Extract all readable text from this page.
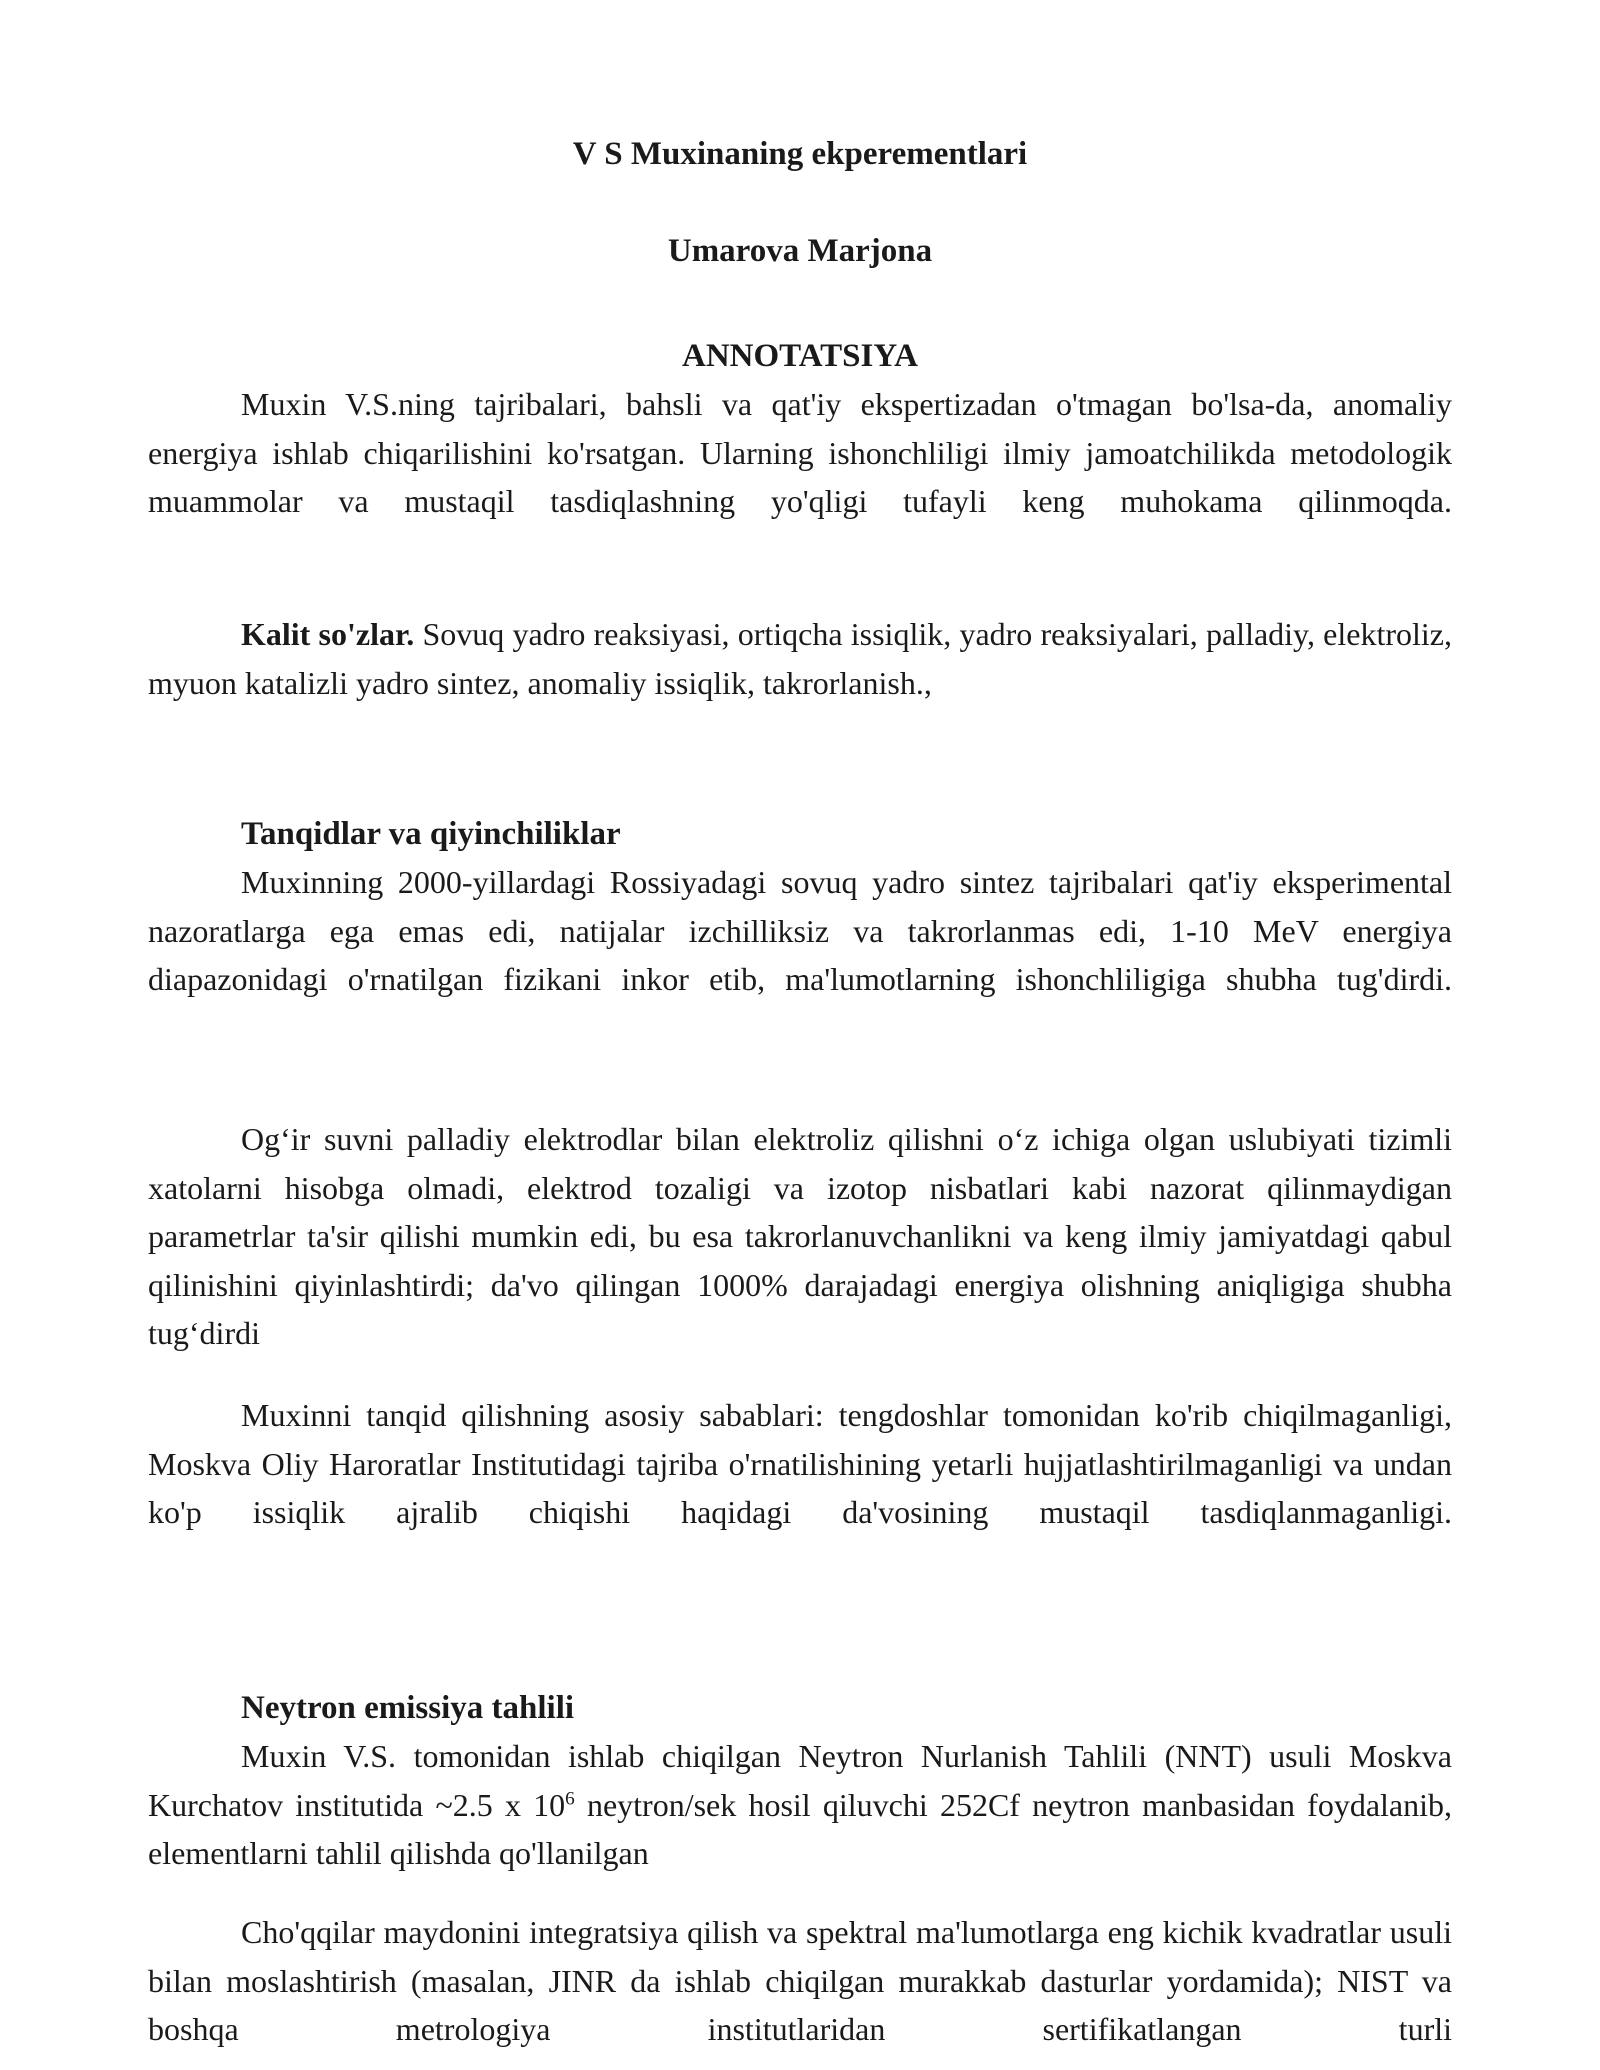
V S Muxinaning ekperementlari
Umarova Marjona
ANNOTATSIYA

Muxin V.S.ning tajribalari, bahsli va qat'iy ekspertizadan o'tmagan bo'lsa-da, anomaliy energiya ishlab chiqarilishini ko'rsatgan. Ularning ishonchliligi ilmiy jamoatchilikda metodologik muammolar va mustaqil tasdiqlashning yo'qligi tufayli keng muhokama qilinmoqda.

Kalit so'zlar. Sovuq yadro reaksiyasi, ortiqcha issiqlik, yadro reaksiyalari, palladiy, elektroliz, myuon katalizli yadro sintez, anomaliy issiqlik, takrorlanish.,

Tanqidlar va qiyinchiliklar

Muxinning 2000-yillardagi Rossiyadagi sovuq yadro sintez tajribalari qat'iy eksperimental nazoratlarga ega emas edi, natijalar izchilliksiz va takrorlanmas edi, 1-10 MeV energiya diapazonidagi o'rnatilgan fizikani inkor etib, ma'lumotlarning ishonchliligiga shubha tug'dirdi.

Og‘ir suvni palladiy elektrodlar bilan elektroliz qilishni o‘z ichiga olgan uslubiyati tizimli xatolarni hisobga olmadi, elektrod tozaligi va izotop nisbatlari kabi nazorat qilinmaydigan parametrlar ta'sir qilishi mumkin edi, bu esa takrorlanuvchanlikni va keng ilmiy jamiyatdagi qabul qilinishini qiyinlashtirdi; da'vo qilingan 1000% darajadagi energiya olishning aniqligiga shubha tug‘dirdi

Muxinni tanqid qilishning asosiy sabablari: tengdoshlar tomonidan ko'rib chiqilmaganligi, Moskva Oliy Haroratlar Institutidagi tajriba o'rnatilishining yetarli hujjatlashtirilmaganligi va undan ko'p issiqlik ajralib chiqishi haqidagi da'vosining mustaqil tasdiqlanmaganligi.

Neytron emissiya tahlili

Muxin V.S. tomonidan ishlab chiqilgan Neytron Nurlanish Tahlili (NNT) usuli Moskva Kurchatov institutida ~2.5 x $10^6$ neytron/sek hosil qiluvchi 252Cf neytron manbasidan foydalanib, elementlarni tahlil qilishda qo'llanilgan

Cho'qqilar maydonini integratsiya qilish va spektral ma'lumotlarga eng kichik kvadratlar usuli bilan moslashtirish (masalan, JINR da ishlab chiqilgan murakkab dasturlar yordamida); NIST va boshqa metrologiya institutlaridan sertifikatlangan turli
